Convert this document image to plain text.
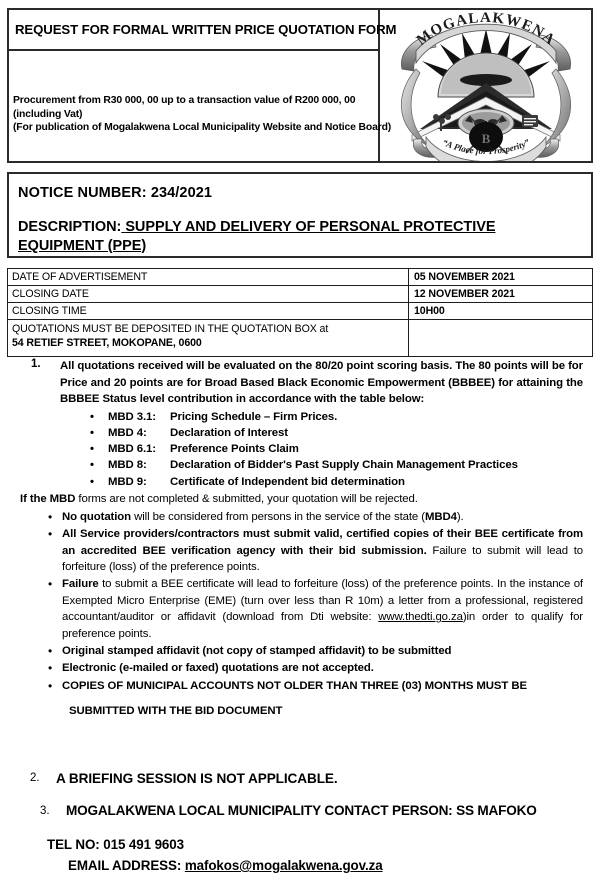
REQUEST FOR FORMAL WRITTEN PRICE QUOTATION FORM
Procurement from R30 000, 00 up to a transaction value of R200 000, 00
(including Vat)
(For publication of Mogalakwena Local Municipality Website and Notice Board)
B
MOGALAKWENA
“A Place for Prosperity”
NOTICE NUMBER: 234/2021
DESCRIPTION: SUPPLY AND DELIVERY OF PERSONAL PROTECTIVE
EQUIPMENT (PPE)
DATE OF ADVERTISEMENT	05 NOVEMBER 2021
CLOSING DATE	12 NOVEMBER 2021
CLOSING TIME	10H00

QUOTATIONS MUST BE DEPOSITED IN THE QUOTATION BOX at
54 RETIEF STREET, MOKOPANE, 0600	

1. All quotations received will be evaluated on the 80/20 point scoring basis. The 80 points will be for Price and 20 points are for Broad Based Black Economic Empowerment (BBBEE) for attaining the BBBEE Status level contribution in accordance with the table below:
• MBD 3.1: Pricing Schedule – Firm Prices.
• MBD 4: Declaration of Interest
• MBD 6.1: Preference Points Claim
• MBD 8: Declaration of Bidder's Past Supply Chain Management Practices
• MBD 9: Certificate of Independent bid determination
If the MBD forms are not completed & submitted, your quotation will be rejected.
• No quotation will be considered from persons in the service of the state (MBD4).
• All Service providers/contractors must submit valid, certified copies of their BEE certificate from an accredited BEE verification agency with their bid submission. Failure to submit will lead to forfeiture (loss) of the preference points.
• Failure to submit a BEE certificate will lead to forfeiture (loss) of the preference points. In the instance of Exempted Micro Enterprise (EME) (turn over less than R 10m) a letter from a professional, registered accountant/auditor or affidavit (download from Dti website: www.thedti.go.za)in order to qualify for preference points.
• Original stamped affidavit (not copy of stamped affidavit) to be submitted
• Electronic (e-mailed or faxed) quotations are not accepted.
• COPIES OF MUNICIPAL ACCOUNTS NOT OLDER THAN THREE (03) MONTHS MUST BE
SUBMITTED WITH THE BID DOCUMENT
2.	A BRIEFING SESSION IS NOT APPLICABLE.
3.	MOGALAKWENA LOCAL MUNICIPALITY CONTACT PERSON: SS MAFOKO
TEL NO: 015 491 9603
EMAIL ADDRESS: mafokos@mogalakwena.gov.za
